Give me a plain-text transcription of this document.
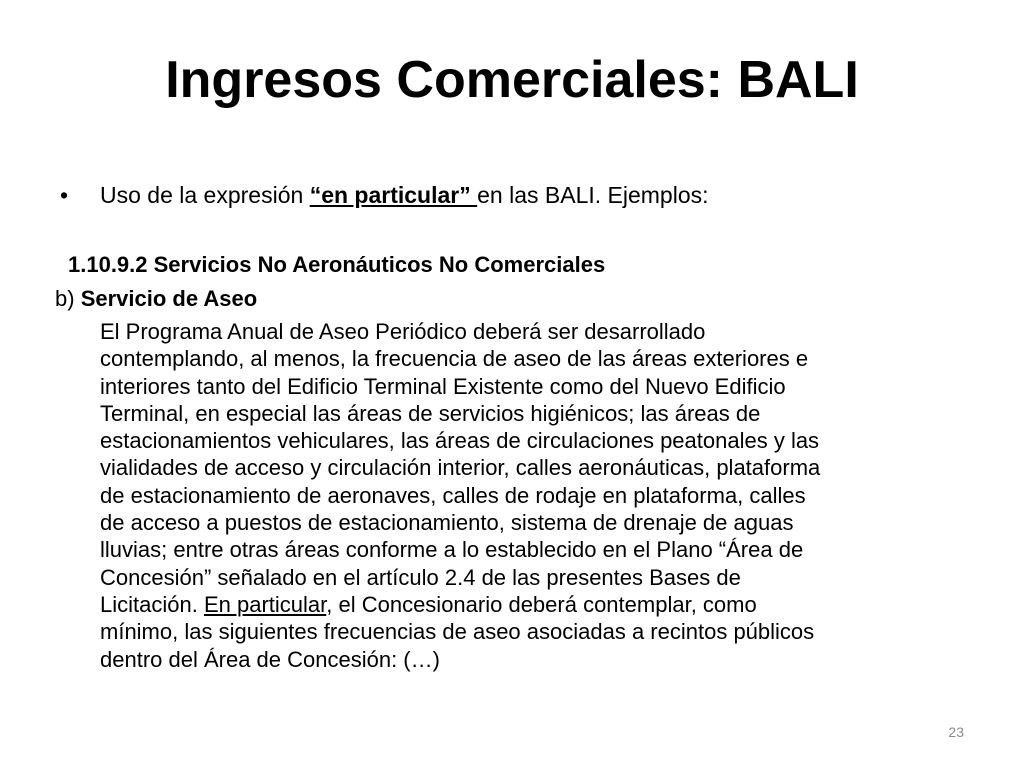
Ingresos Comerciales: BALI
• Uso de la expresión “en particular” en las BALI. Ejemplos:
1.10.9.2 Servicios No Aeronáuticos No Comerciales
b) Servicio de Aseo
El Programa Anual de Aseo Periódico deberá ser desarrollado
contemplando, al menos, la frecuencia de aseo de las áreas exteriores e
interiores tanto del Edificio Terminal Existente como del Nuevo Edificio
Terminal, en especial las áreas de servicios higiénicos; las áreas de
estacionamientos vehiculares, las áreas de circulaciones peatonales y las
vialidades de acceso y circulación interior, calles aeronáuticas, plataforma
de estacionamiento de aeronaves, calles de rodaje en plataforma, calles
de acceso a puestos de estacionamiento, sistema de drenaje de aguas
lluvias; entre otras áreas conforme a lo establecido en el Plano “Área de
Concesión” señalado en el artículo 2.4 de las presentes Bases de
Licitación. En particular, el Concesionario deberá contemplar, como
mínimo, las siguientes frecuencias de aseo asociadas a recintos públicos
dentro del Área de Concesión: (…)
23
